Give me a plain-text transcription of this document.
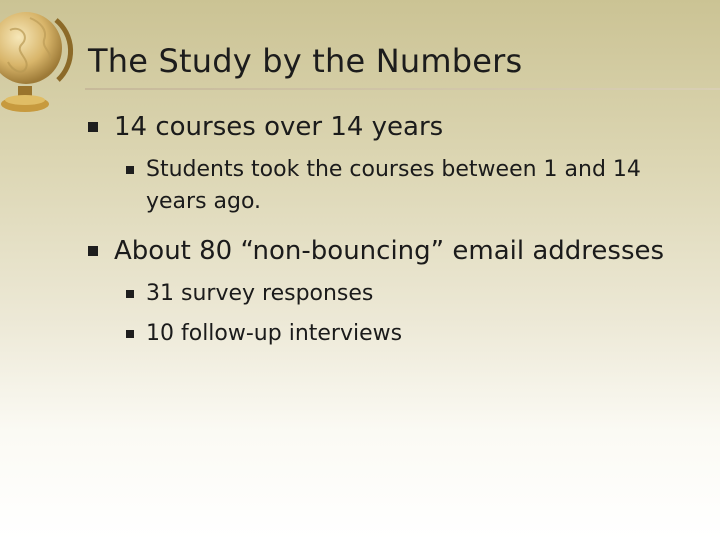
The Study by the Numbers
14 courses over 14 years
Students took the courses between 1 and 14 years ago.
About 80 “non-bouncing” email addresses
31 survey responses
10 follow-up interviews
